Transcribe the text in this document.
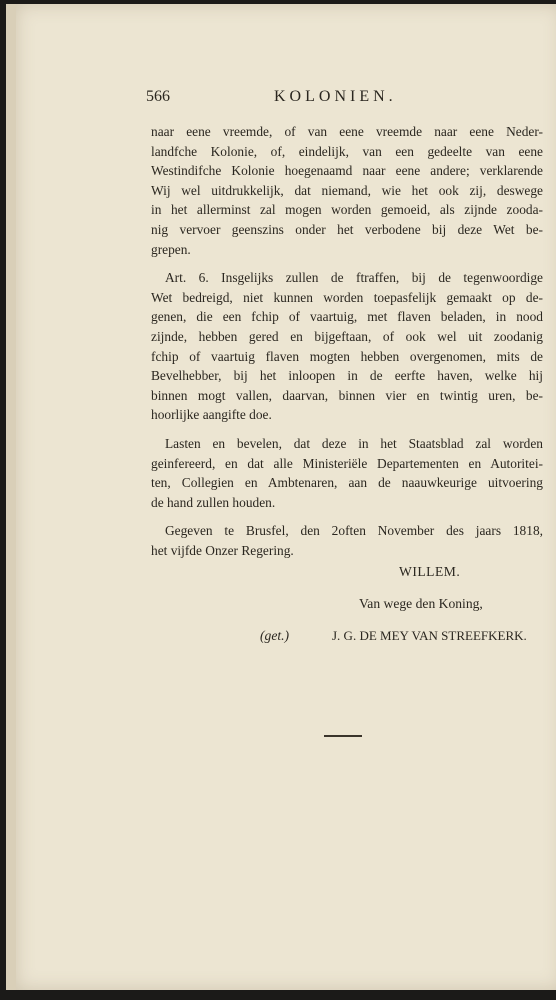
566	KOLONIEN.
naar eene vreemde, of van eene vreemde naar eene Neder-
landfche Kolonie, of, eindelijk, van een gedeelte van eene
Westindifche Kolonie hoegenaamd naar eene andere; verklarende
Wij wel uitdrukkelijk, dat niemand, wie het ook zij, deswege
in het allerminst zal mogen worden gemoeid, als zijnde zooda-
nig vervoer geenszins onder het verbodene bij deze Wet be-
grepen.
Art. 6. Insgelijks zullen de ftraffen, bij de tegenwoordige
Wet bedreigd, niet kunnen worden toepasfelijk gemaakt op de-
genen, die een fchip of vaartuig, met flaven beladen, in nood
zijnde, hebben gered en bijgeftaan, of ook wel uit zoodanig
fchip of vaartuig flaven mogten hebben overgenomen, mits de
Bevelhebber, bij het inloopen in de eerfte haven, welke hij
binnen mogt vallen, daarvan, binnen vier en twintig uren, be-
hoorlijke aangifte doe.
Lasten en bevelen, dat deze in het Staatsblad zal worden
geinfereerd, en dat alle Ministeriële Departementen en Autoritei-
ten, Collegien en Ambtenaren, aan de naauwkeurige uitvoering
de hand zullen houden.
Gegeven te Brusfel, den 2often November des jaars 1818,
het vijfde Onzer Regering.
WILLEM.
Van wege den Koning,
(get.)	J. G. DE MEY VAN STREEFKERK.
